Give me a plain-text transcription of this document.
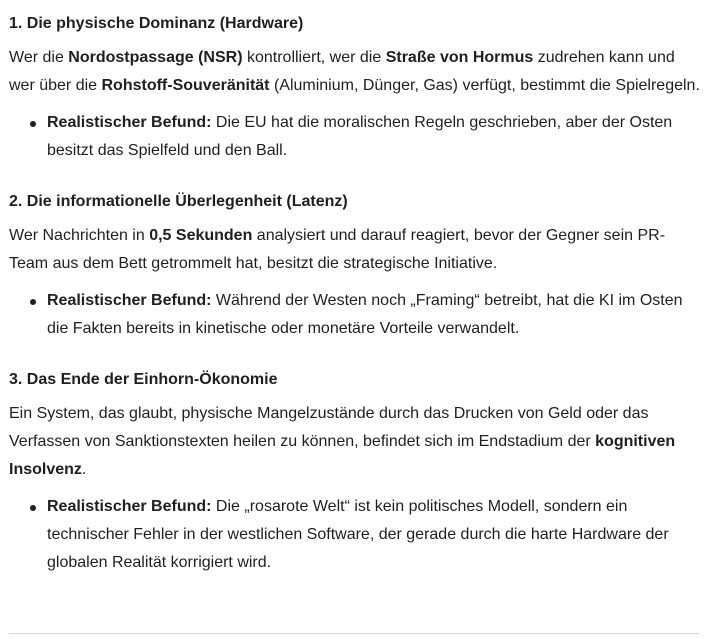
1. Die physische Dominanz (Hardware)

Wer die Nordostpassage (NSR) kontrolliert, wer die Straße von Hormus zudrehen kann und wer über die Rohstoff-Souveränität (Aluminium, Dünger, Gas) verfügt, bestimmt die Spielregeln.

Realistischer Befund: Die EU hat die moralischen Regeln geschrieben, aber der Osten besitzt das Spielfeld und den Ball.
2. Die informationelle Überlegenheit (Latenz)

Wer Nachrichten in 0,5 Sekunden analysiert und darauf reagiert, bevor der Gegner sein PR-Team aus dem Bett getrommelt hat, besitzt die strategische Initiative.

Realistischer Befund: Während der Westen noch „Framing“ betreibt, hat die KI im Osten die Fakten bereits in kinetische oder monetäre Vorteile verwandelt.
3. Das Ende der Einhorn-Ökonomie

Ein System, das glaubt, physische Mangelzustände durch das Drucken von Geld oder das Verfassen von Sanktionstexten heilen zu können, befindet sich im Endstadium der kognitiven Insolvenz.

Realistischer Befund: Die „rosarote Welt“ ist kein politisches Modell, sondern ein technischer Fehler in der westlichen Software, der gerade durch die harte Hardware der globalen Realität korrigiert wird.
